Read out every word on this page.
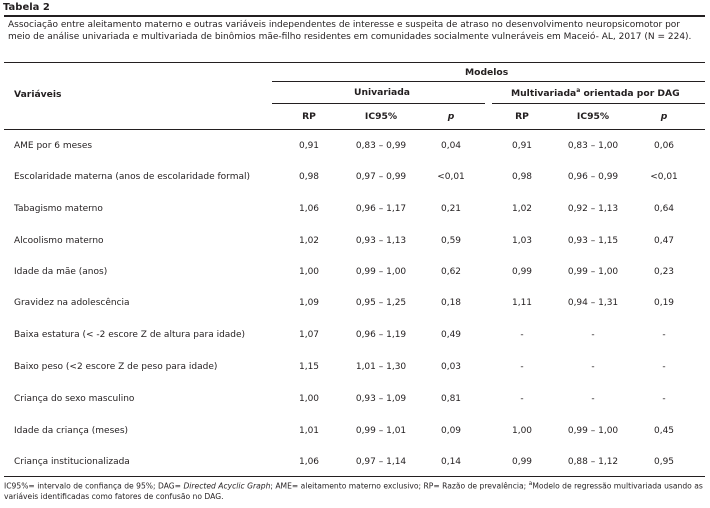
Tabela 2
Associação entre aleitamento materno e outras variáveis independentes de interesse e suspeita de atraso no desenvolvimento neuropsicomotor por meio de análise univariada e multivariada de binômios mãe-filho residentes em comunidades socialmente vulneráveis em Maceió- AL, 2017 (N = 224).
Modelos
Variáveis	Univariada	Multivariada$^a$ orientada por DAG
RP	IC95%	p	RP	IC95%	p
AME por 6 meses	0,91	0,83 – 0,99	0,04	0,91	0,83 – 1,00	0,06
Escolaridade materna (anos de escolaridade formal)	0,98	0,97 – 0,99	<0,01	0,98	0,96 – 0,99	<0,01
Tabagismo materno	1,06	0,96 – 1,17	0,21	1,02	0,92 – 1,13	0,64
Alcoolismo materno	1,02	0,93 – 1,13	0,59	1,03	0,93 – 1,15	0,47
Idade da mãe (anos)	1,00	0,99 – 1,00	0,62	0,99	0,99 – 1,00	0,23
Gravidez na adolescência	1,09	0,95 – 1,25	0,18	1,11	0,94 – 1,31	0,19
Baixa estatura (< -2 escore Z de altura para idade)	1,07	0,96 – 1,19	0,49	-	-	-
Baixo peso (<2 escore Z de peso para idade)	1,15	1,01 – 1,30	0,03	-	-	-
Criança do sexo masculino	1,00	0,93 – 1,09	0,81	-	-	-
Idade da criança (meses)	1,01	0,99 – 1,01	0,09	1,00	0,99 – 1,00	0,45
Criança institucionalizada	1,06	0,97 – 1,14	0,14	0,99	0,88 – 1,12	0,95
IC95%= intervalo de confiança de 95%; DAG= Directed Acyclic Graph; AME= aleitamento materno exclusivo; RP= Razão de prevalência; $^a$Modelo de regressão multivariada usando as variáveis identificadas como fatores de confusão no DAG.
